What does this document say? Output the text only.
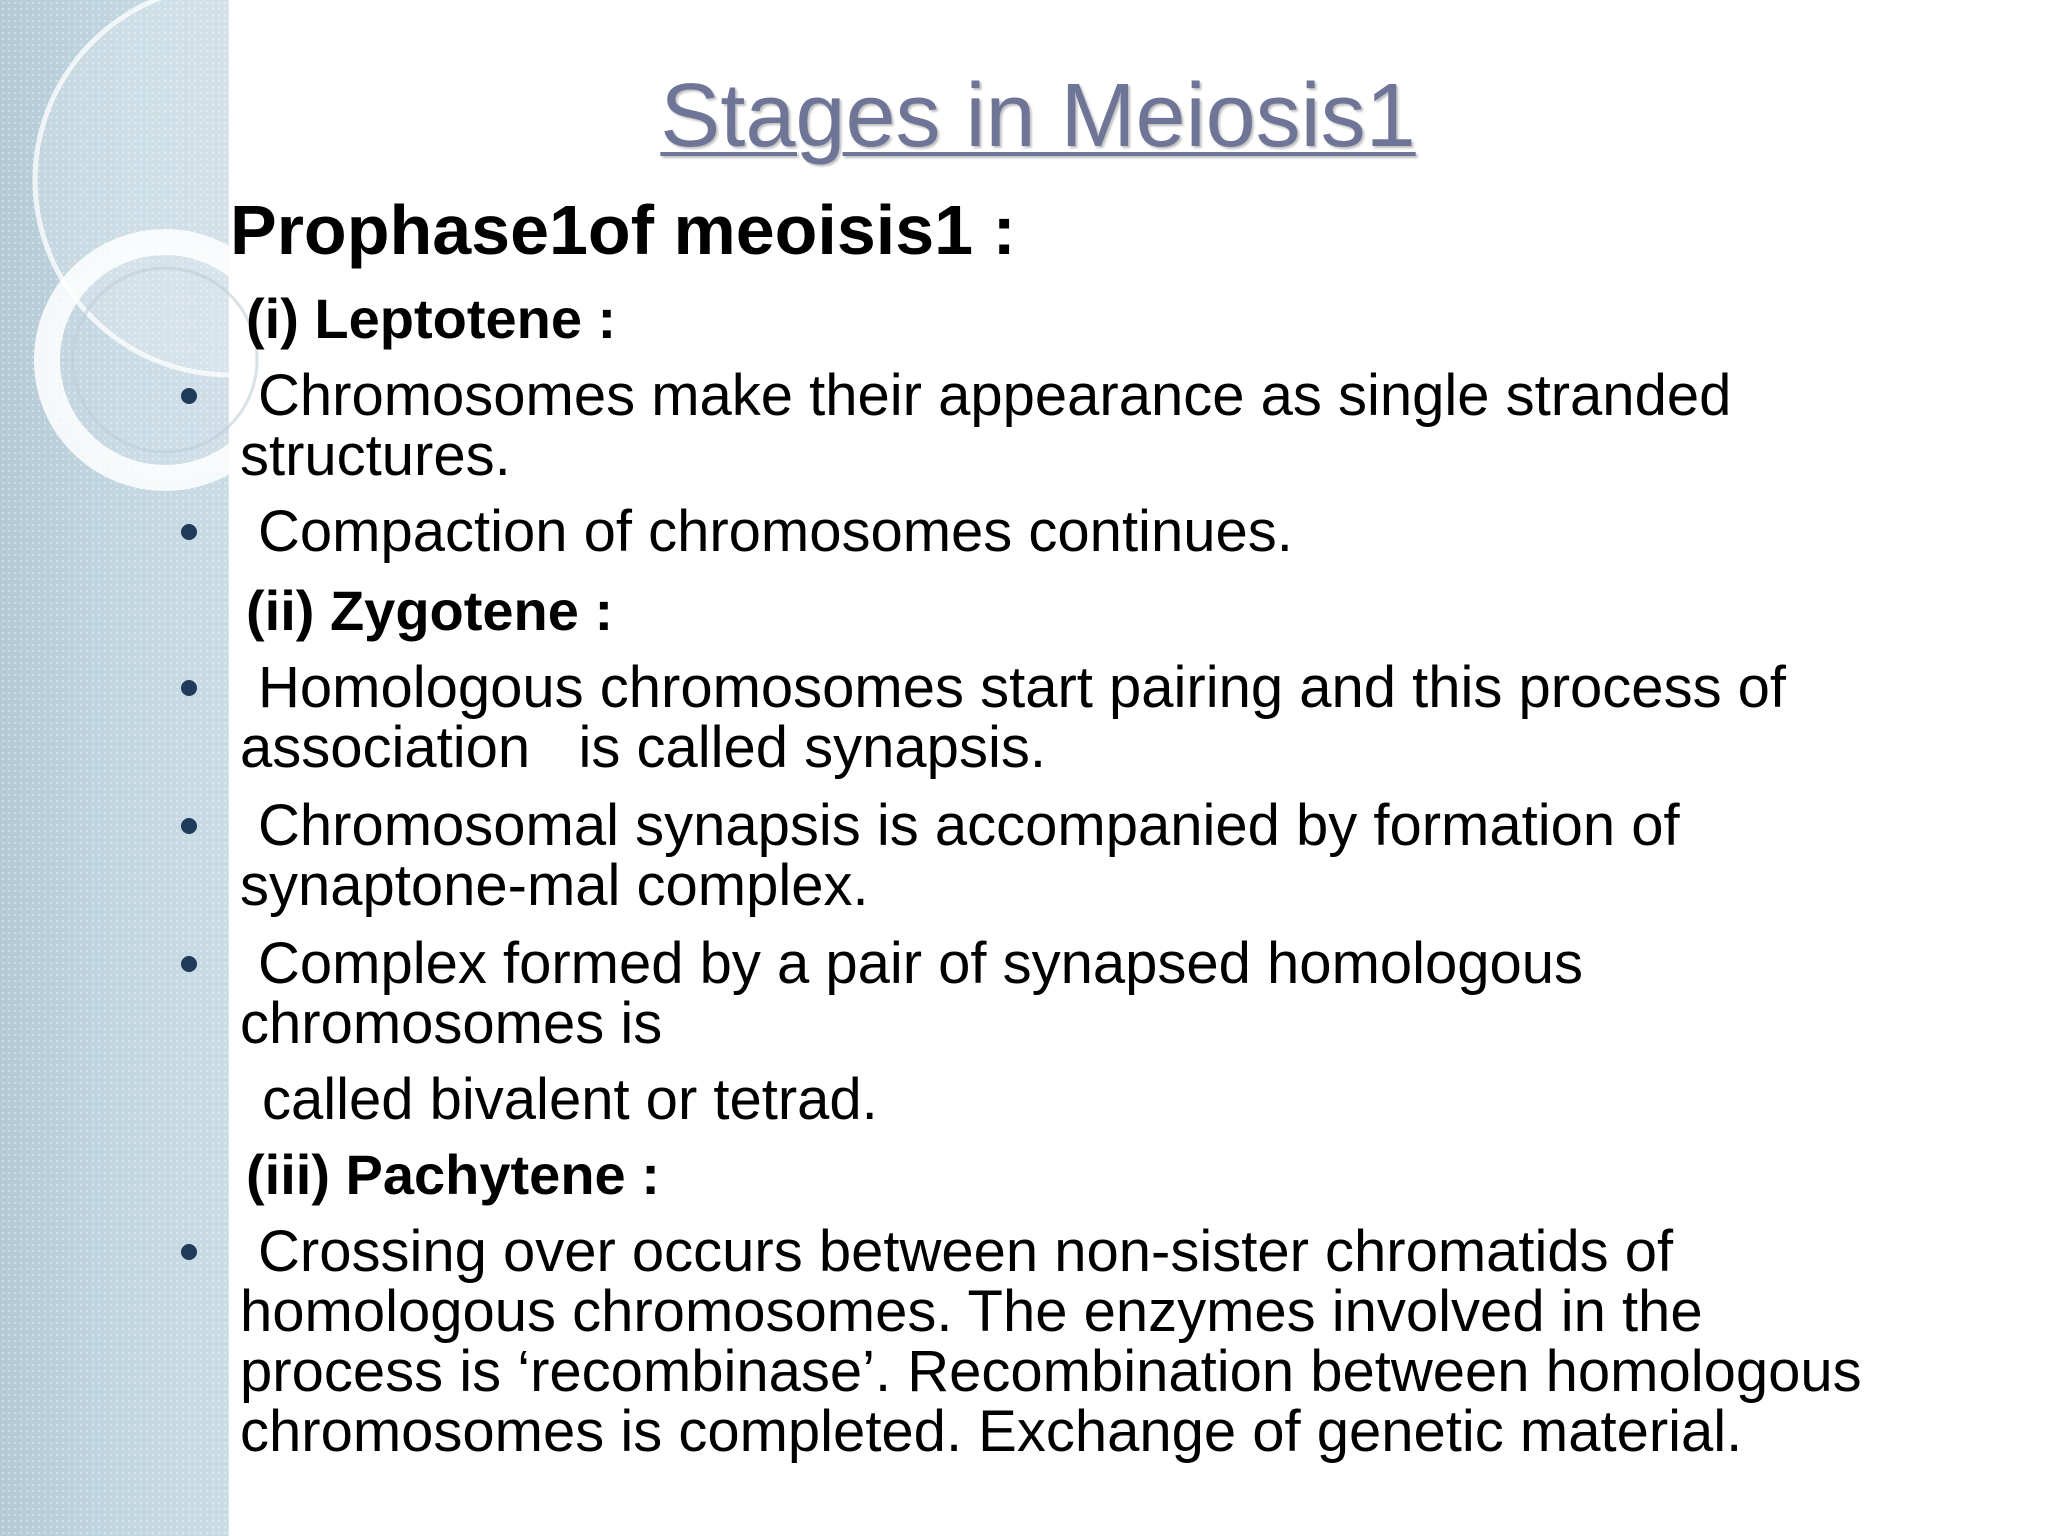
Stages in Meiosis1
Prophase1of meoisis1 :
(i) Leptotene :
Chromosomes make their appearance as single stranded
structures.
Compaction of chromosomes continues.
(ii) Zygotene :
Homologous chromosomes start pairing and this process of
association   is called synapsis.
Chromosomal synapsis is accompanied by formation of
synaptone-mal complex.
Complex formed by a pair of synapsed homologous
chromosomes is
called bivalent or tetrad.
(iii) Pachytene :
Crossing over occurs between non-sister chromatids of
homologous chromosomes. The enzymes involved in the
process is ‘recombinase’. Recombination between homologous
chromosomes is completed. Exchange of genetic material.
